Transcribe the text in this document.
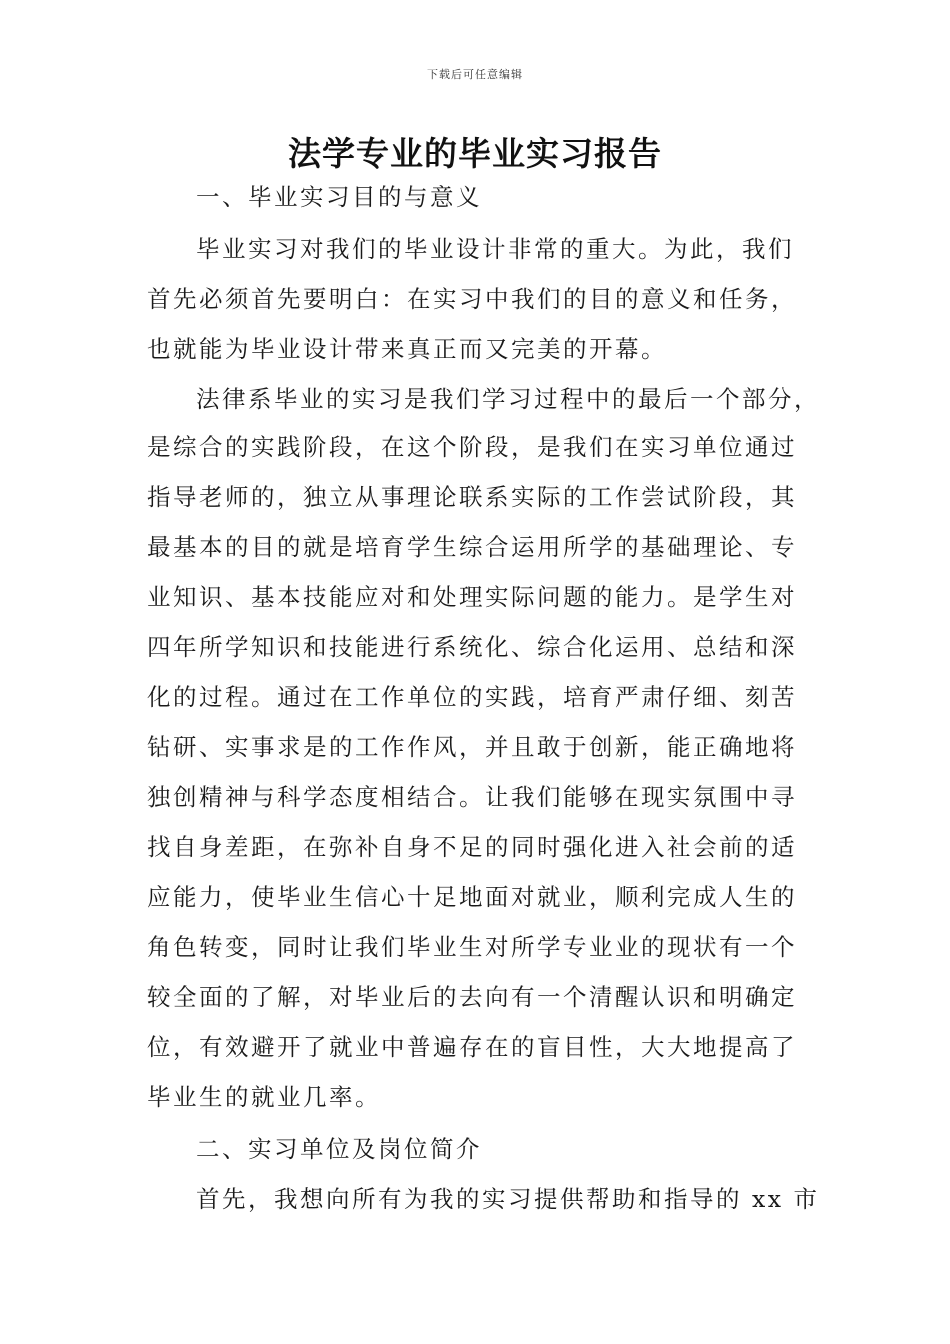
下载后可任意编辑
法学专业的毕业实习报告
一、毕业实习目的与意义
毕业实习对我们的毕业设计非常的重大。为此，我们
首先必须首先要明白：在实习中我们的目的意义和任务，
也就能为毕业设计带来真正而又完美的开幕。
法律系毕业的实习是我们学习过程中的最后一个部分，
是综合的实践阶段，在这个阶段，是我们在实习单位通过
指导老师的，独立从事理论联系实际的工作尝试阶段，其
最基本的目的就是培育学生综合运用所学的基础理论、专
业知识、基本技能应对和处理实际问题的能力。是学生对
四年所学知识和技能进行系统化、综合化运用、总结和深
化的过程。通过在工作单位的实践，培育严肃仔细、刻苦
钻研、实事求是的工作作风，并且敢于创新，能正确地将
独创精神与科学态度相结合。让我们能够在现实氛围中寻
找自身差距，在弥补自身不足的同时强化进入社会前的适
应能力，使毕业生信心十足地面对就业，顺利完成人生的
角色转变，同时让我们毕业生对所学专业业的现状有一个
较全面的了解，对毕业后的去向有一个清醒认识和明确定
位，有效避开了就业中普遍存在的盲目性，大大地提高了
毕业生的就业几率。
二、实习单位及岗位简介
首先，我想向所有为我的实习提供帮助和指导的 xx 市
